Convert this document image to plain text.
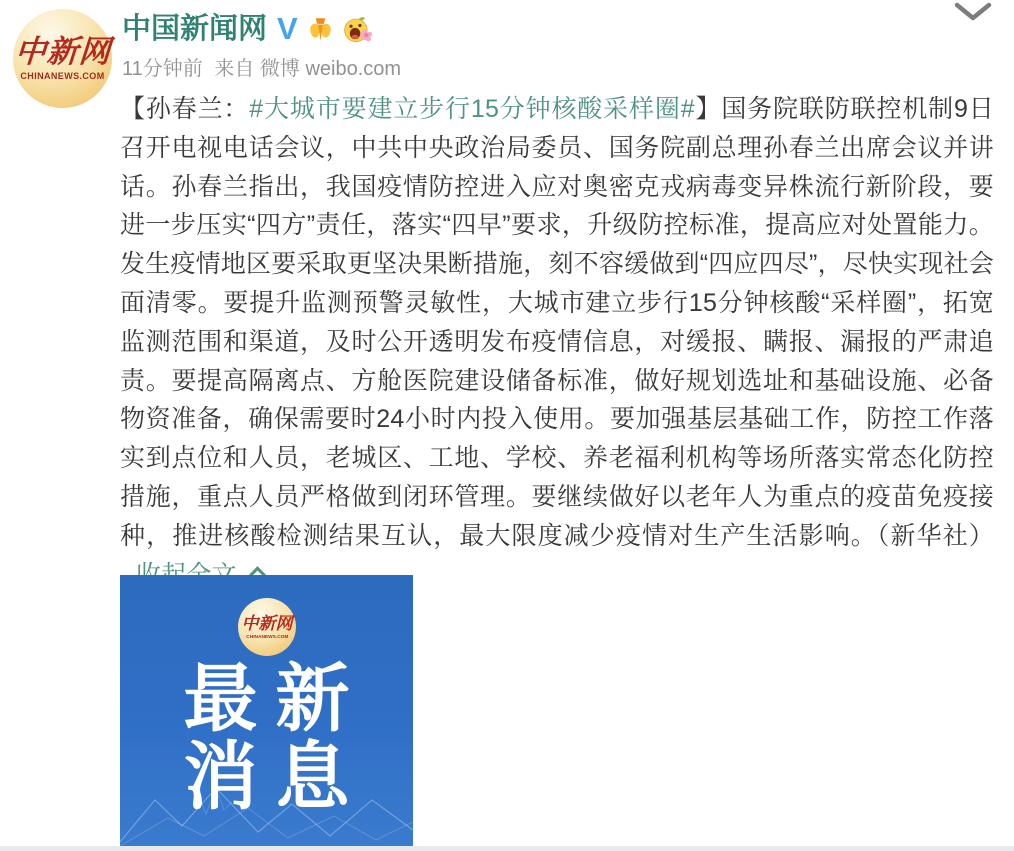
中新网
CHINANEWS.COM
中国新闻网 V
11分钟前 来自 微博 weibo.com
【孙春兰：#大城市要建立步行15分钟核酸采样圈#】国务院联防联控机制9日召开电视电话会议，中共中央政治局委员、国务院副总理孙春兰出席会议并讲话。孙春兰指出，我国疫情防控进入应对奥密克戎病毒变异株流行新阶段，要进一步压实“四方”责任，落实“四早”要求，升级防控标准，提高应对处置能力。发生疫情地区要采取更坚决果断措施，刻不容缓做到“四应四尽”，尽快实现社会面清零。要提升监测预警灵敏性，大城市建立步行15分钟核酸“采样圈”，拓宽监测范围和渠道，及时公开透明发布疫情信息，对缓报、瞒报、漏报的严肃追责。要提高隔离点、方舱医院建设储备标准，做好规划选址和基础设施、必备物资准备，确保需要时24小时内投入使用。要加强基层基础工作，防控工作落实到点位和人员，老城区、工地、学校、养老福利机构等场所落实常态化防控措施，重点人员严格做到闭环管理。要继续做好以老年人为重点的疫苗免疫接种，推进核酸检测结果互认，最大限度减少疫情对生产生活影响。（新华社）
中新网
CHINANEWS.COM
最 新
消 息
